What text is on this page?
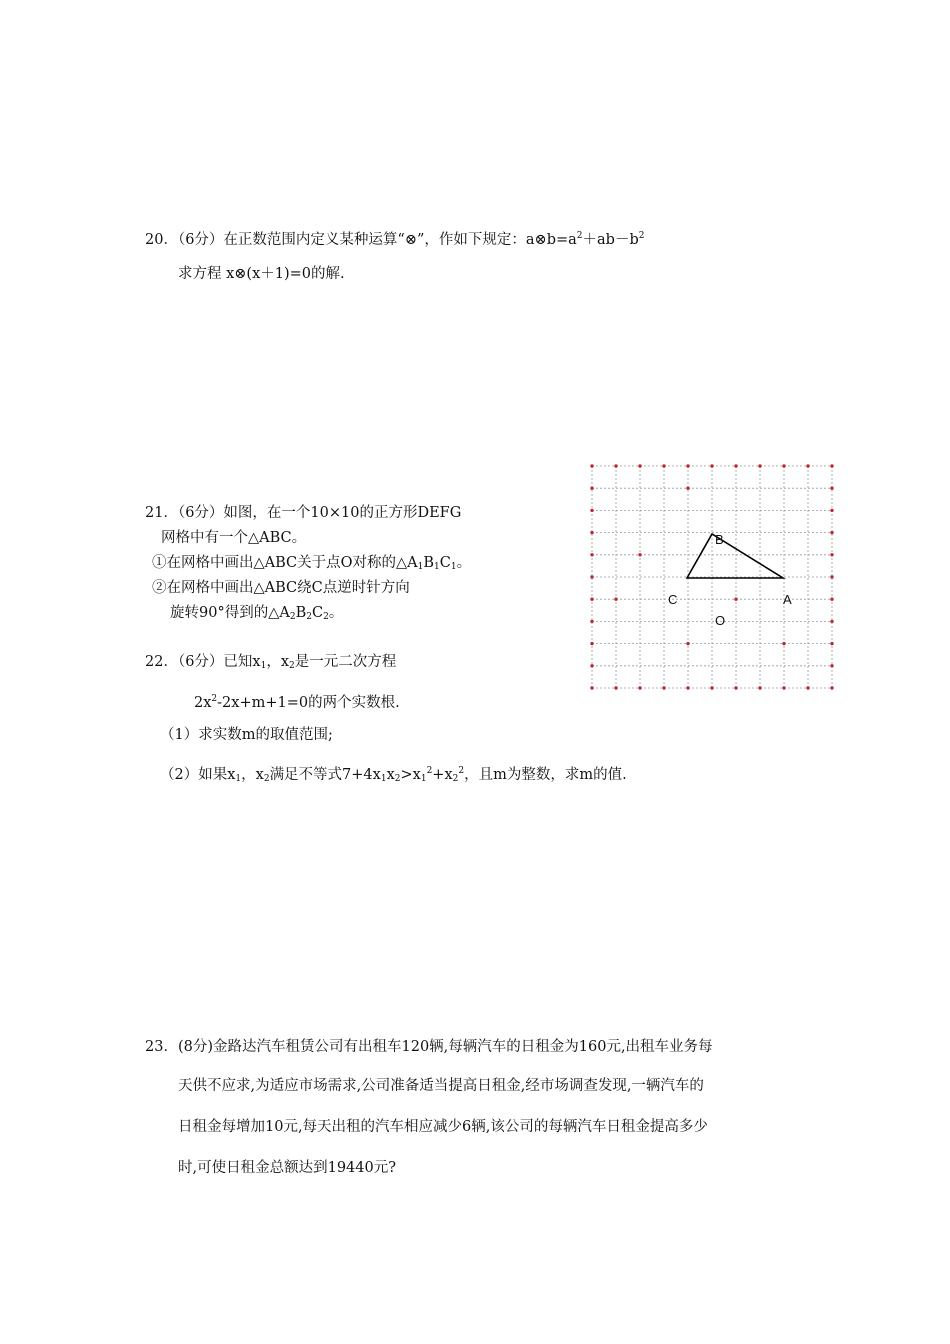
20．（6分）在正数范围内定义某种运算“⊗”，作如下规定：$a\otimes b=a^2+ab-b^2$
求方程 x⊗(x＋1)=0的解.
21．（6分）如图，在一个10×10的正方形DEFG
网格中有一个△ABC。
①在网格中画出△ABC关于点O对称的$\triangle A_1B_1C_1$。
②在网格中画出△ABC绕C点逆时针方向
旋转90°得到的$\triangle A_2B_2C_2$。
B
C	A
O
22．（6分）已知$x_1$，$x_2$是一元二次方程
$2x^2-2x+m+1=0$的两个实数根.
（1）求实数m的取值范围;
（2）如果$x_1$，$x_2$满足不等式$7+4x_1x_2>x_1^2+x_2^2$，且m为整数，求m的值.
23．(8分)金路达汽车租赁公司有出租车120辆,每辆汽车的日租金为160元,出租车业务每
天供不应求,为适应市场需求,公司准备适当提高日租金,经市场调查发现,一辆汽车的
日租金每增加10元,每天出租的汽车相应减少6辆,该公司的每辆汽车日租金提高多少
时,可使日租金总额达到19440元?
